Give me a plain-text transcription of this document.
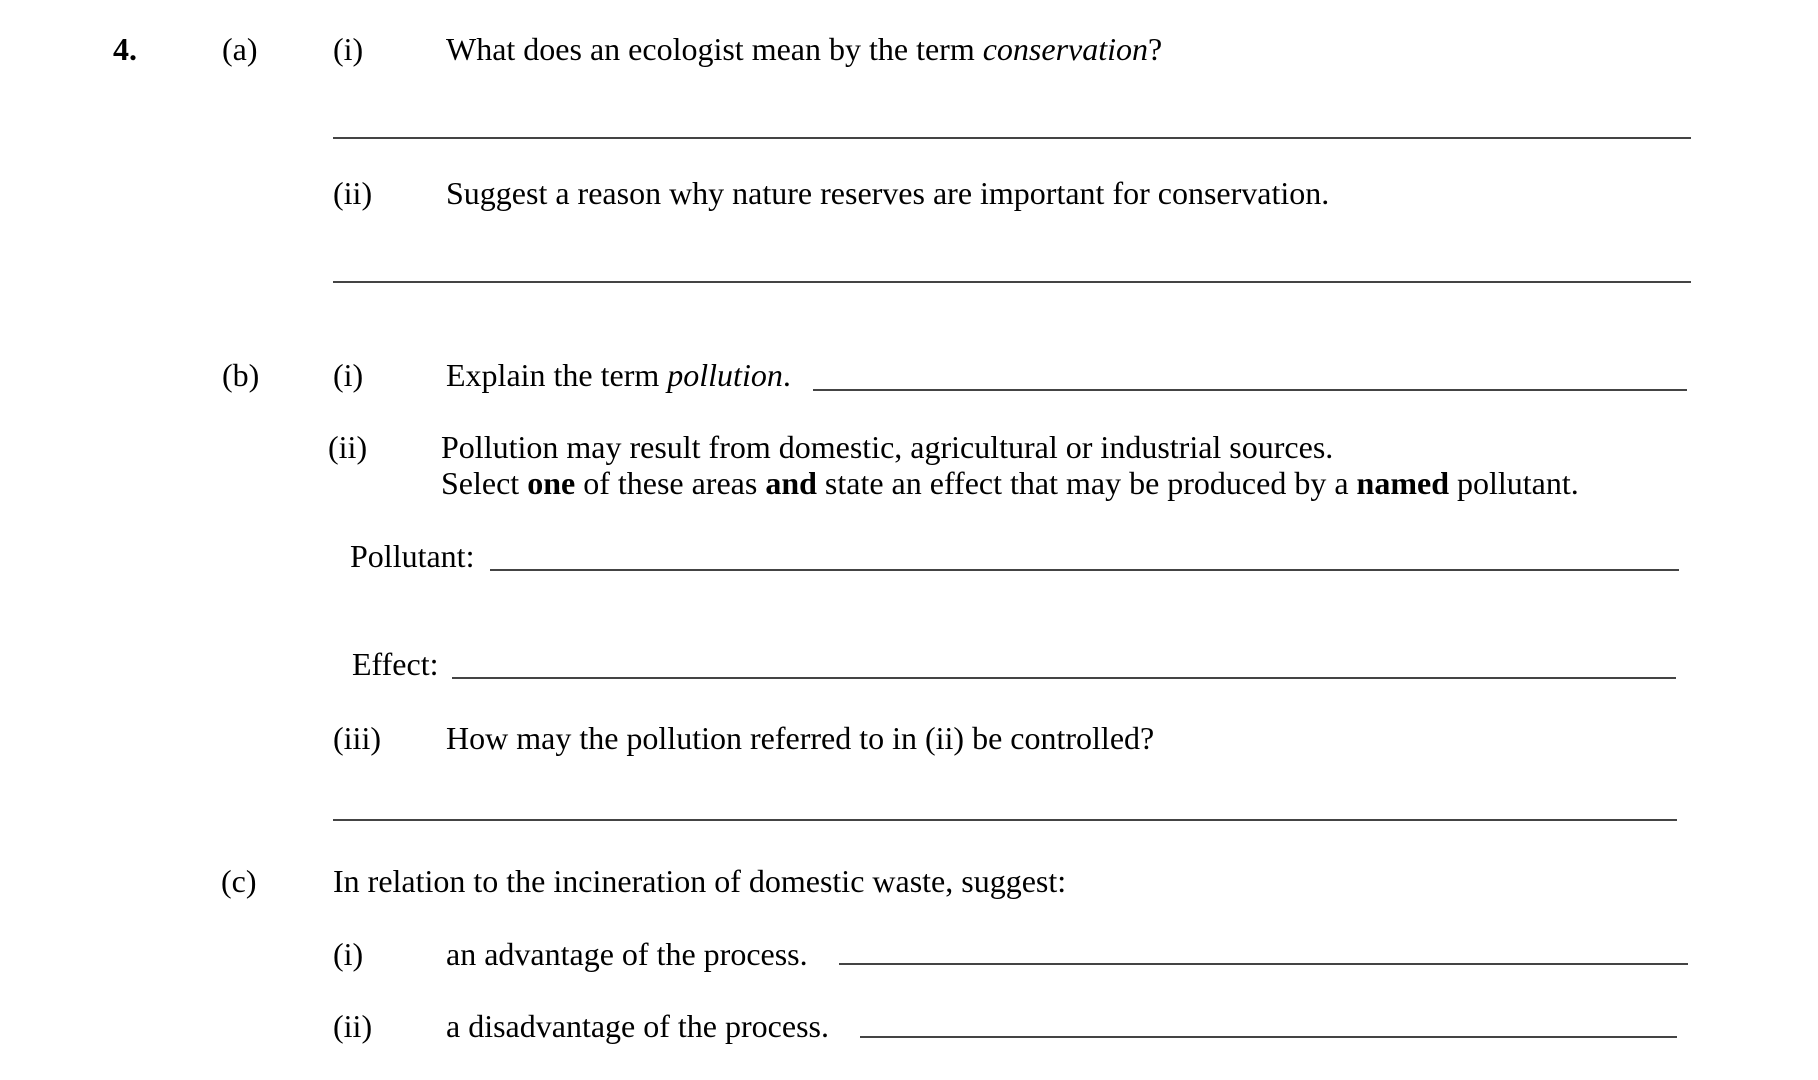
4.	(a) (i)	What does an ecologist mean by the term conservation?
(ii) Suggest a reason why nature reserves are important for conservation.
(b) (i)	Explain the term pollution.
(ii) Pollution may result from domestic, agricultural or industrial sources.
Select one of these areas and state an effect that may be produced by a named pollutant.
Pollutant:
Effect:
(iii) How may the pollution referred to in (ii) be controlled?
(c) In relation to the incineration of domestic waste, suggest:
(i)	an advantage of the process.
(ii) a disadvantage of the process.
